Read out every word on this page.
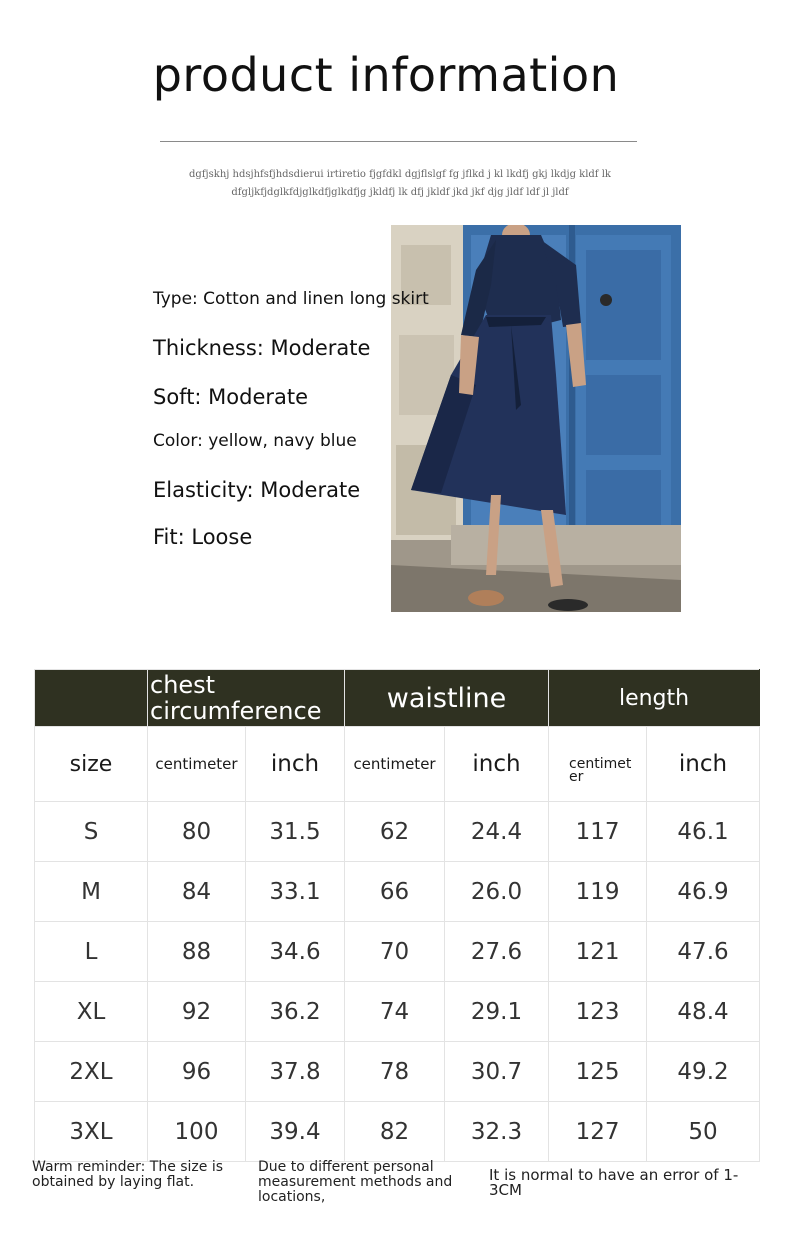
product information
dgfjskhj hdsjhfsfjhdsdierui irtiretio fjgfdkl dgjflslgf fg jflkd j kl lkdfj gkj lkdjg kldf lk
dfgljkfjdglkfdjglkdfjglkdfjg jkldfj lk dfj jkldf jkd jkf djg jldf ldf jl jldf
Type: Cotton and linen long skirt
Thickness: Moderate
Soft: Moderate
Color: yellow, navy blue
Elasticity: Moderate
Fit: Loose
	chest circumference		waistline		length	
size	centimeter	inch	centimeter	inch	centimet er	inch
S	80	31.5	62	24.4	117	46.1
M	84	33.1	66	26.0	119	46.9
L	88	34.6	70	27.6	121	47.6
XL	92	36.2	74	29.1	123	48.4
2XL	96	37.8	78	30.7	125	49.2
3XL	100	39.4	82	32.3	127	50
Warm reminder: The size is obtained by laying flat.
Due to different personal measurement methods and locations,
It is normal to have an error of 1-3CM
